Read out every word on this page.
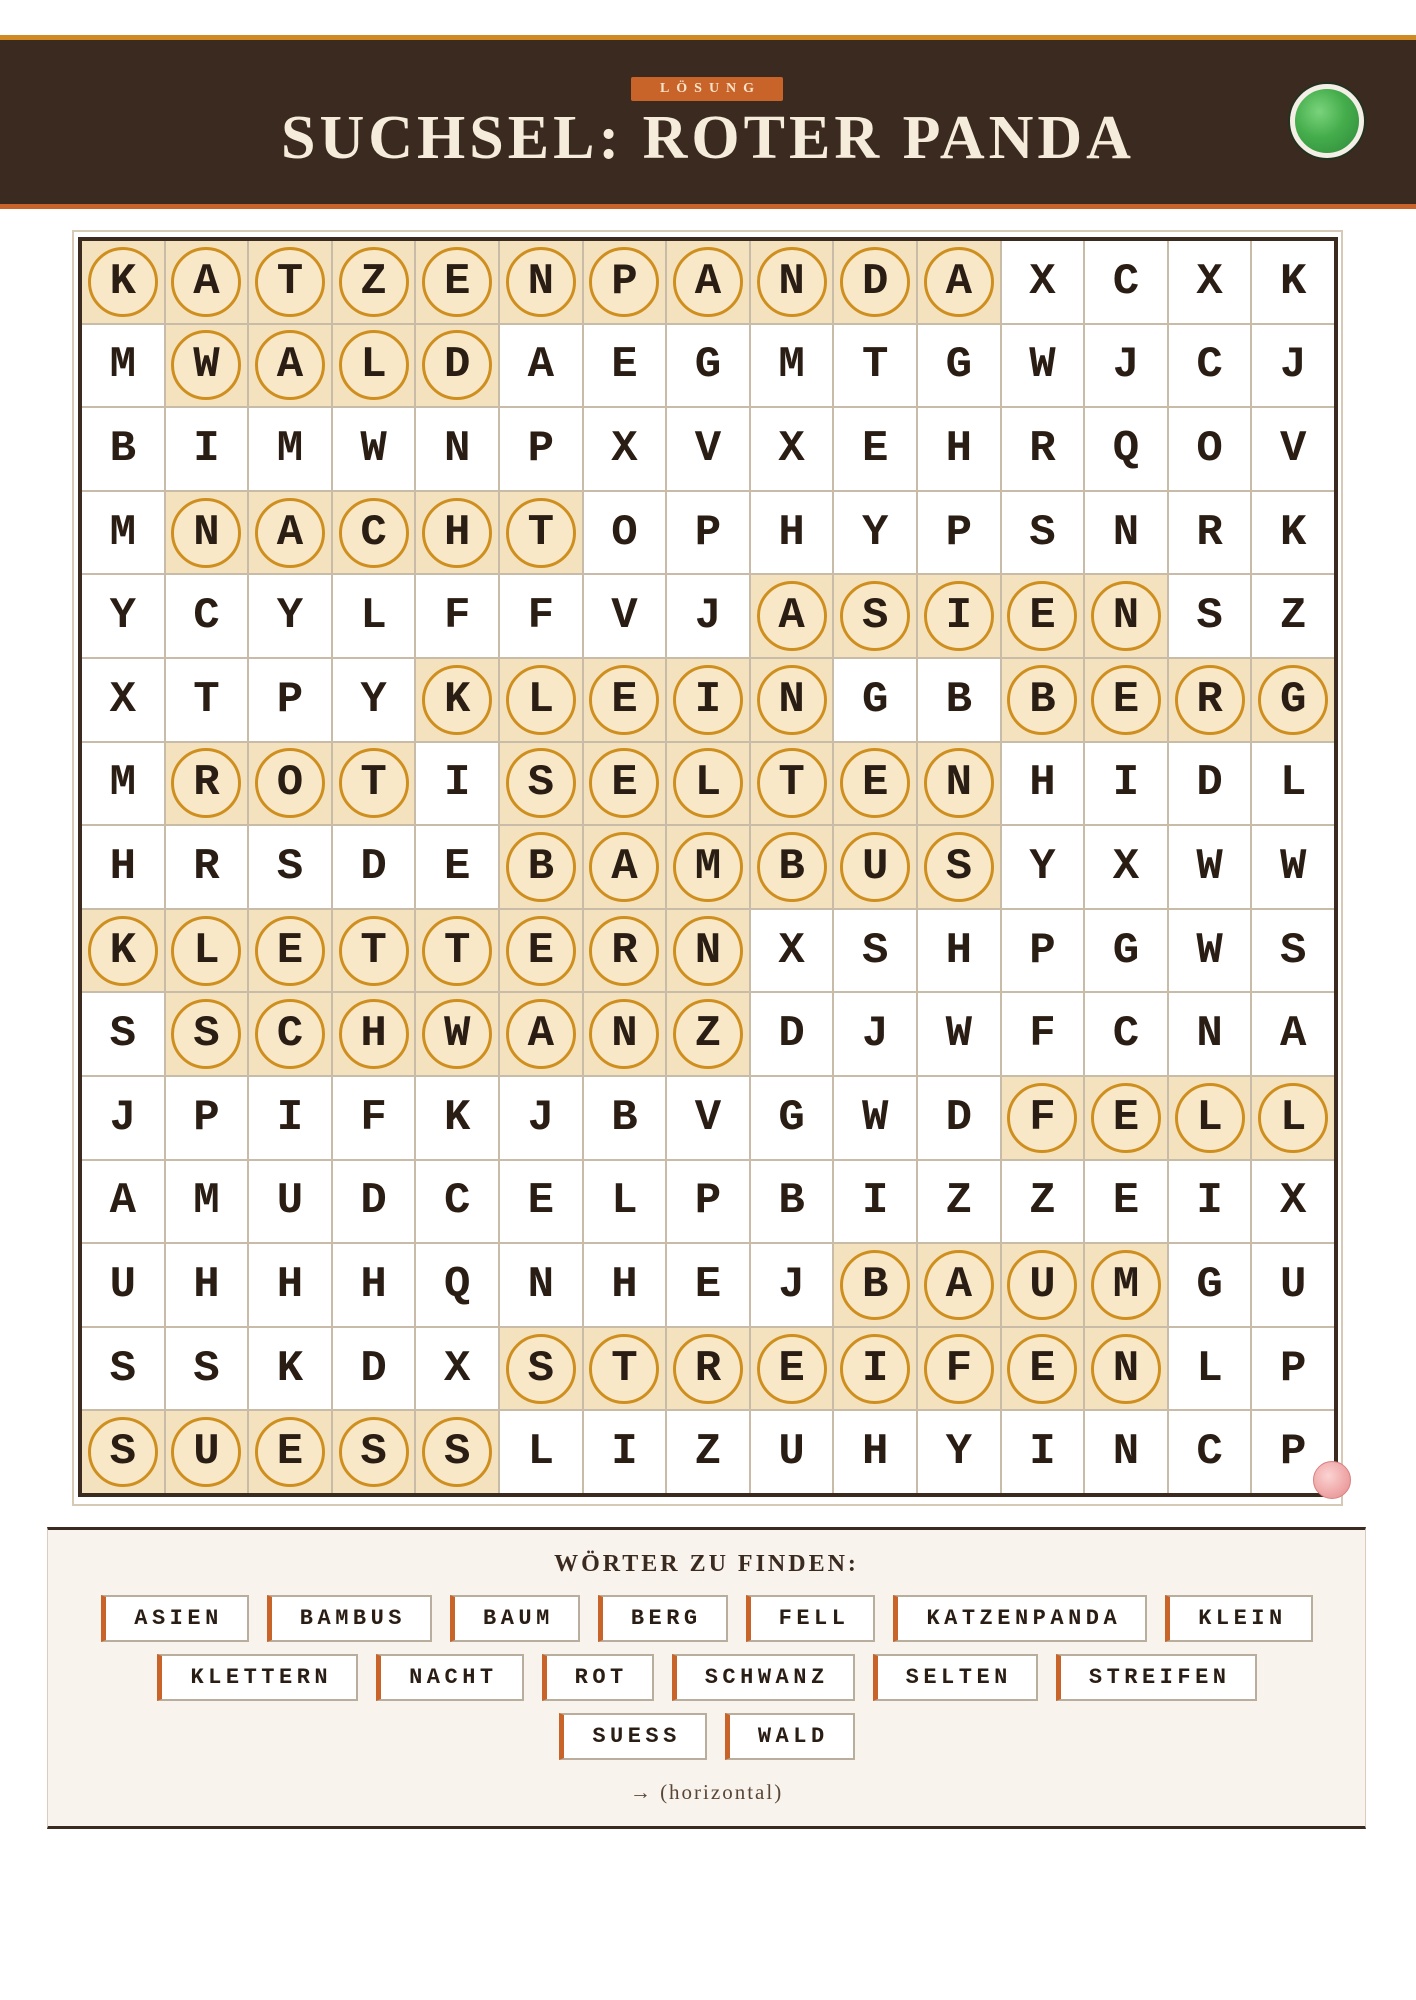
LÖSUNG
SUCHSEL: ROTER PANDA
K	A	T	Z	E	N	P	A	N	D	A	X C X K
M	W	A	L	D	A E G M T G W J C J
B I M W N P X V X E H R Q O V
M	N	A	C	H	T	O P H Y P S N R K
Y C Y L F F V J	A	S	I	E	N	S Z
X T P Y	K	L	E	I	N	G B	B	E	R	G
M	R	O	T	I	S	E	L	T	E	N	H I D L
H R S D E	B	A	M	B	U	S	Y X W W
K	L	E	T	T	E	R	N	X S H P G W S
S	S	C	H	W	A	N	Z	D J W F C N A
J P I F K J B V G W D	F	E	L	L
A M U D C E L P B I Z Z E I X
U H H H Q N H E J	B	A	U	M	G U
S S K D X	S	T	R	E	I	F	E	N	L P
S	U	E	S	S	L I Z U H Y I N C P
WÖRTER ZU FINDEN:
ASIEN	BAMBUS	BAUM	BERG	FELL	KATZENPANDA	KLEIN
KLETTERN	NACHT	ROT	SCHWANZ	SELTEN	STREIFEN
SUESS	WALD
→ (horizontal)
